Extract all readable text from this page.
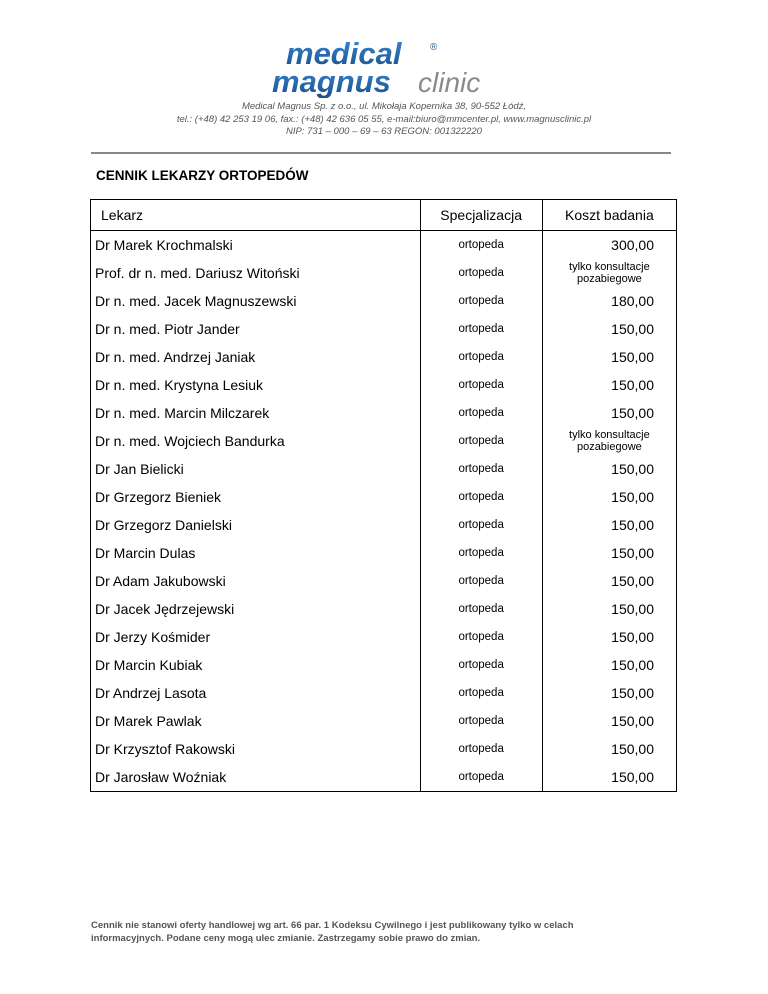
medical	®
magnus clinic
Medical Magnus Sp. z o.o., ul. Mikołaja Kopernika 38, 90-552 Łódź,
tel.: (+48) 42 253 19 06, fax.: (+48) 42 636 05 55, e-mail:biuro@mmcenter.pl, www.magnusclinic.pl
NIP: 731 – 000 – 69 – 63 REGON: 001322220
CENNIK LEKARZY ORTOPEDÓW
Lekarz	Specjalizacja	Koszt badania
Dr Marek Krochmalski	ortopeda	300,00
Prof. dr n. med. Dariusz Witoński	ortopeda	tylko konsultacje
pozabiegowe

Dr n. med. Jacek Magnuszewski	ortopeda	180,00
Dr n. med. Piotr Jander	ortopeda	150,00
Dr n. med. Andrzej Janiak	ortopeda	150,00
Dr n. med. Krystyna Lesiuk	ortopeda	150,00
Dr n. med. Marcin Milczarek	ortopeda	150,00
Dr n. med. Wojciech Bandurka	ortopeda	tylko konsultacje
pozabiegowe

Dr Jan Bielicki	ortopeda	150,00
Dr Grzegorz Bieniek	ortopeda	150,00
Dr Grzegorz Danielski	ortopeda	150,00
Dr Marcin Dulas	ortopeda	150,00
Dr Adam Jakubowski	ortopeda	150,00
Dr Jacek Jędrzejewski	ortopeda	150,00
Dr Jerzy Kośmider	ortopeda	150,00
Dr Marcin Kubiak	ortopeda	150,00
Dr Andrzej Lasota	ortopeda	150,00
Dr Marek Pawlak	ortopeda	150,00
Dr Krzysztof Rakowski	ortopeda	150,00
Dr Jarosław Woźniak	ortopeda	150,00
Cennik nie stanowi oferty handlowej wg art. 66 par. 1 Kodeksu Cywilnego i jest publikowany tylko w celach
informacyjnych. Podane ceny mogą ulec zmianie. Zastrzegamy sobie prawo do zmian.
